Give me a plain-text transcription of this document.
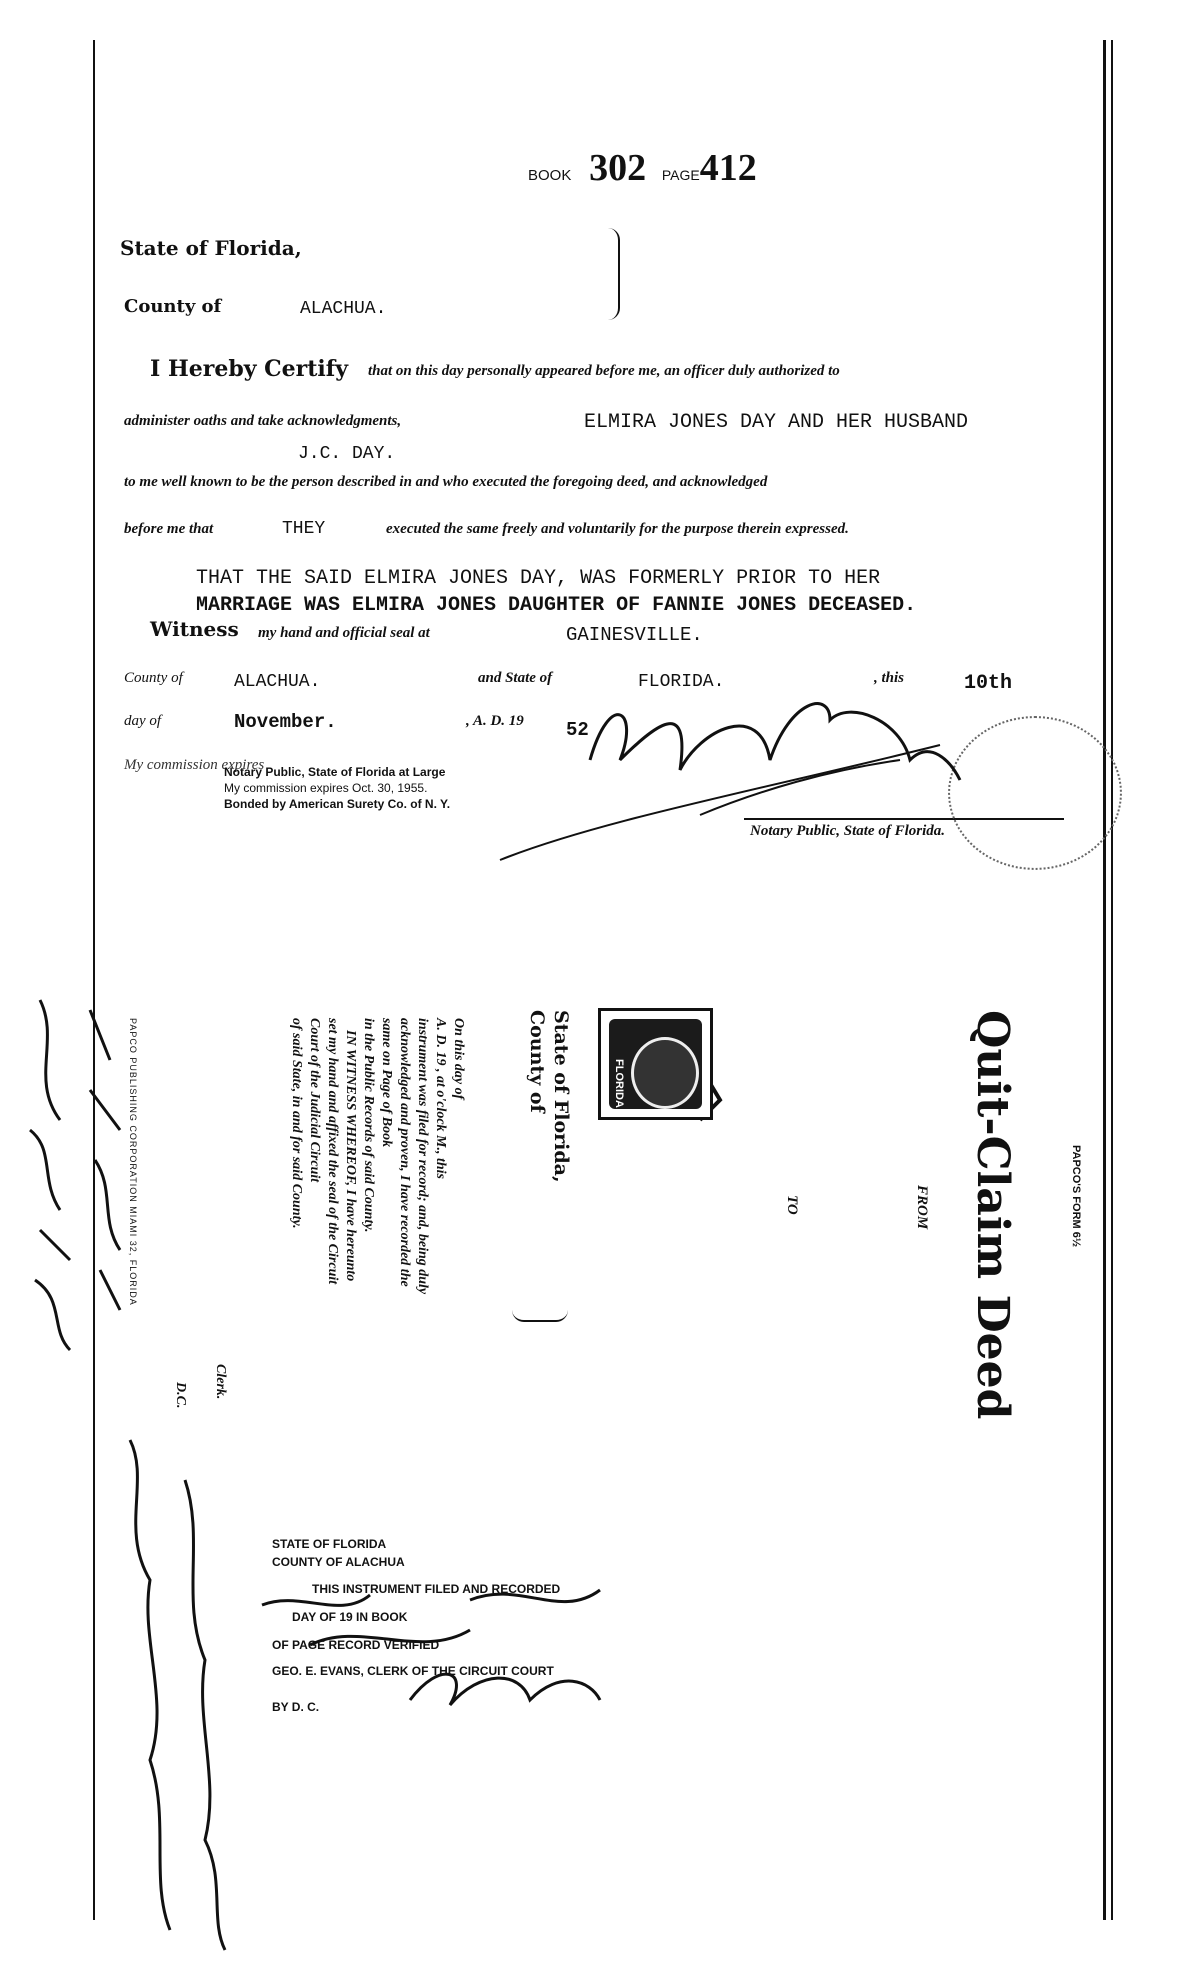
BOOK 302 PAGE412
State of Florida,
County of	ALACHUA.
I Hereby Certify that on this day personally appeared before me, an officer duly authorized to
administer oaths and take acknowledgments,	ELMIRA JONES DAY AND HER HUSBAND
J.C. DAY.
to me well known to be the person described in and who executed the foregoing deed, and acknowledged
before me that	THEY	executed the same freely and voluntarily for the purpose therein expressed.
THAT THE SAID ELMIRA JONES DAY, WAS FORMERLY PRIOR TO HER
MARRIAGE WAS ELMIRA JONES DAUGHTER OF FANNIE JONES DECEASED.
Witness my hand and official seal at	GAINESVILLE.
County of	ALACHUA.	and State of	FLORIDA.	, this	10th
day of	November.	, A. D. 19 52
My commission expires
Notary Public, State of Florida at Large
My commission expires Oct. 30, 1955.
Bonded by American Surety Co. of N. Y.
Notary Public, State of Florida.
PAPCO'S FORM 6½
Quit-Claim Deed
FROM
TO
FLORIDA
State of Florida,
County of
On this day of
A. D. 19 , at o'clock M., this
instrument was filed for record; and, being duly
acknowledged and proven, I have recorded the
same on Page of Book
in the Public Records of said County.
IN WITNESS WHEREOF, I have hereunto
set my hand and affixed the seal of the Circuit
Court of the Judicial Circuit
of said State, in and for said County.
Clerk.
D.C.
PAPCO PUBLISHING CORPORATION MIAMI 32, FLORIDA
STATE OF FLORIDA
COUNTY OF ALACHUA
THIS INSTRUMENT FILED AND RECORDED
DAY OF 19 IN BOOK
OF PAGE RECORD VERIFIED
GEO. E. EVANS, CLERK OF THE CIRCUIT COURT
BY D. C.
